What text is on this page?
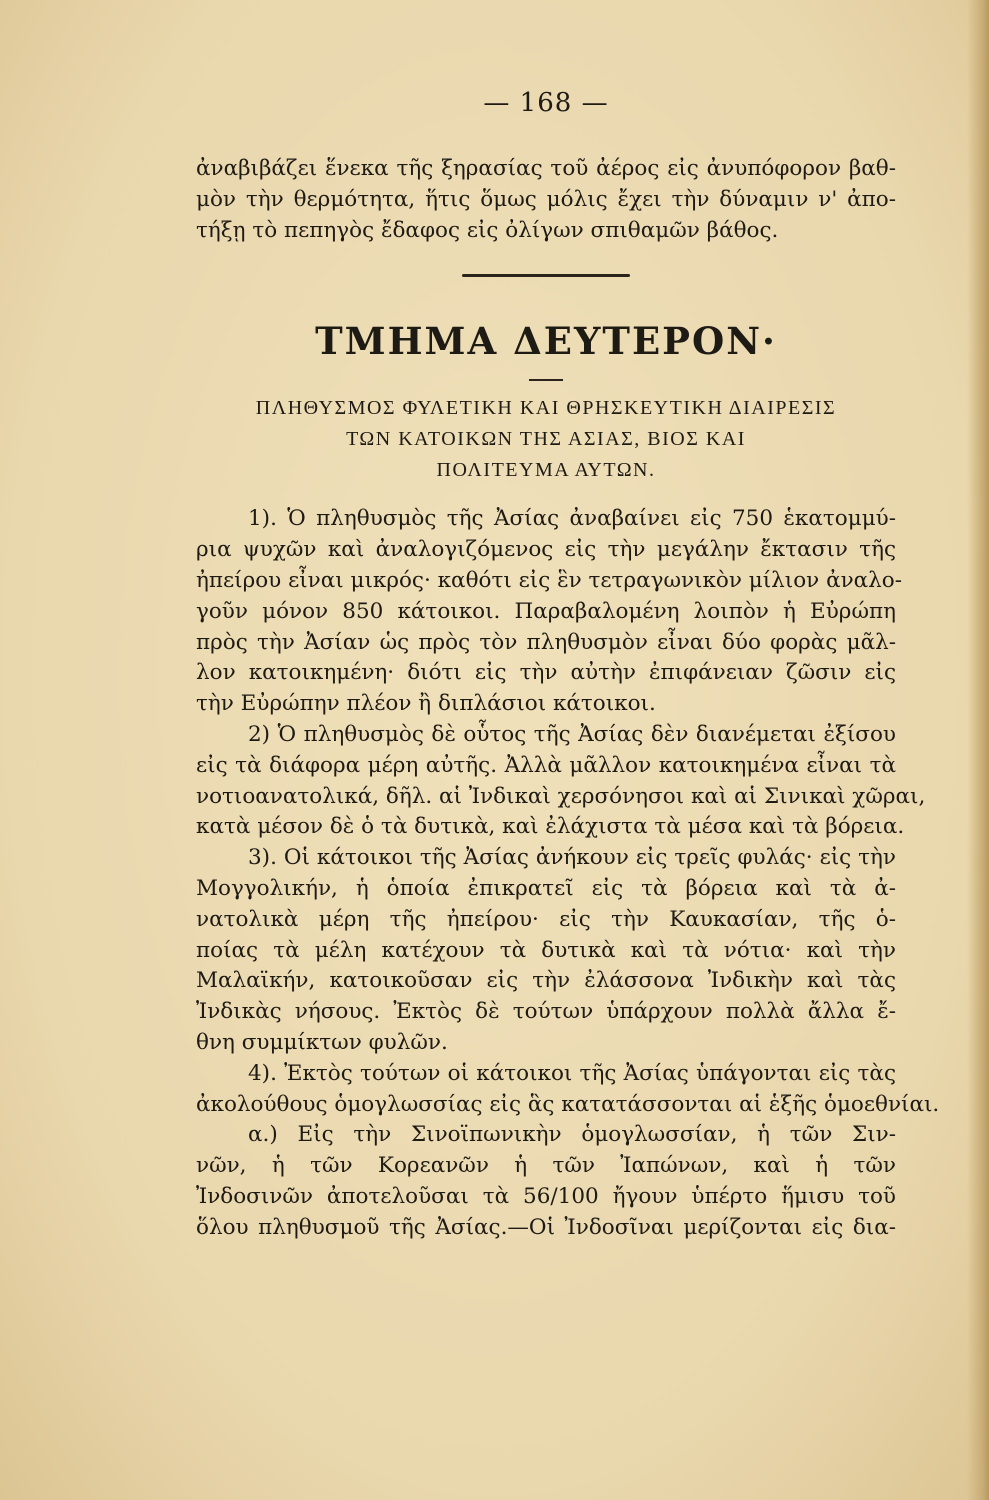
— 168 —
ἀναβιβάζει ἕνεκα τῆς ξηρασίας τοῦ ἀέρος εἰς ἀνυπόφορον βαθ-
μὸν τὴν θερμότητα, ἥτις ὅμως μόλις ἔχει τὴν δύναμιν ν' ἀπο-
τήξῃ τὸ πεπηγὸς ἔδαφος εἰς ὀλίγων σπιθαμῶν βάθος.
ΤΜΗΜΑ ΔΕΥΤΕΡΟΝ·
ΠΛΗΘΥΣΜΟΣ ΦΥΛΕΤΙΚΗ ΚΑΙ ΘΡΗΣΚΕΥΤΙΚΗ ΔΙΑΙΡΕΣΙΣ
ΤΩΝ ΚΑΤΟΙΚΩΝ ΤΗΣ ΑΣΙΑΣ, ΒΙΟΣ ΚΑΙ
ΠΟΛΙΤΕΥΜΑ ΑΥΤΩΝ.
1). Ὁ πληθυσμὸς τῆς Ἀσίας ἀναβαίνει εἰς 750 ἑκατομμύ-
ρια ψυχῶν καὶ ἀναλογιζόμενος εἰς τὴν μεγάλην ἔκτασιν τῆς
ἠπείρου εἶναι μικρός· καθότι εἰς ἓν τετραγωνικὸν μίλιον ἀναλο-
γοῦν μόνον 850 κάτοικοι. Παραβαλομένη λοιπὸν ἡ Εὐρώπη
πρὸς τὴν Ἀσίαν ὡς πρὸς τὸν πληθυσμὸν εἶναι δύο φορὰς μᾶλ-
λον κατοικημένη· διότι εἰς τὴν αὐτὴν ἐπιφάνειαν ζῶσιν εἰς
τὴν Εὐρώπην πλέον ἢ διπλάσιοι κάτοικοι.
2) Ὁ πληθυσμὸς δὲ οὗτος τῆς Ἀσίας δὲν διανέμεται ἐξίσου
εἰς τὰ διάφορα μέρη αὐτῆς. Ἀλλὰ μᾶλλον κατοικημένα εἶναι τὰ
νοτιοανατολικά, δῆλ. αἱ Ἰνδικαὶ χερσόνησοι καὶ αἱ Σινικαὶ χῶραι,
κατὰ μέσον δὲ ὁ τὰ δυτικὰ, καὶ ἐλάχιστα τὰ μέσα καὶ τὰ βόρεια.
3). Οἱ κάτοικοι τῆς Ἀσίας ἀνήκουν εἰς τρεῖς φυλάς· εἰς τὴν
Μογγολικήν, ἡ ὁποία ἐπικρατεῖ εἰς τὰ βόρεια καὶ τὰ ἀ-
νατολικὰ μέρη τῆς ἠπείρου· εἰς τὴν Καυκασίαν, τῆς ὁ-
ποίας τὰ μέλη κατέχουν τὰ δυτικὰ καὶ τὰ νότια· καὶ τὴν
Μαλαϊκήν, κατοικοῦσαν εἰς τὴν ἐλάσσονα Ἰνδικὴν καὶ τὰς
Ἰνδικὰς νήσους. Ἐκτὸς δὲ τούτων ὑπάρχουν πολλὰ ἄλλα ἔ-
θνη συμμίκτων φυλῶν.
4). Ἐκτὸς τούτων οἱ κάτοικοι τῆς Ἀσίας ὑπάγονται εἰς τὰς
ἀκολούθους ὁμογλωσσίας εἰς ἃς κατατάσσονται αἱ ἑξῆς ὁμοεθνίαι.
α.) Εἰς τὴν Σινοϊπωνικὴν ὁμογλωσσίαν, ἡ τῶν Σιν-
νῶν, ἡ τῶν Κορεανῶν ἡ τῶν Ἰαπώνων, καὶ ἡ τῶν
Ἰνδοσινῶν ἀποτελοῦσαι τὰ 56/100 ἤγουν ὑπέρτο ἥμισυ τοῦ
ὅλου πληθυσμοῦ τῆς Ἀσίας.—Οἱ Ἰνδοσῖναι μερίζονται εἰς δια-
